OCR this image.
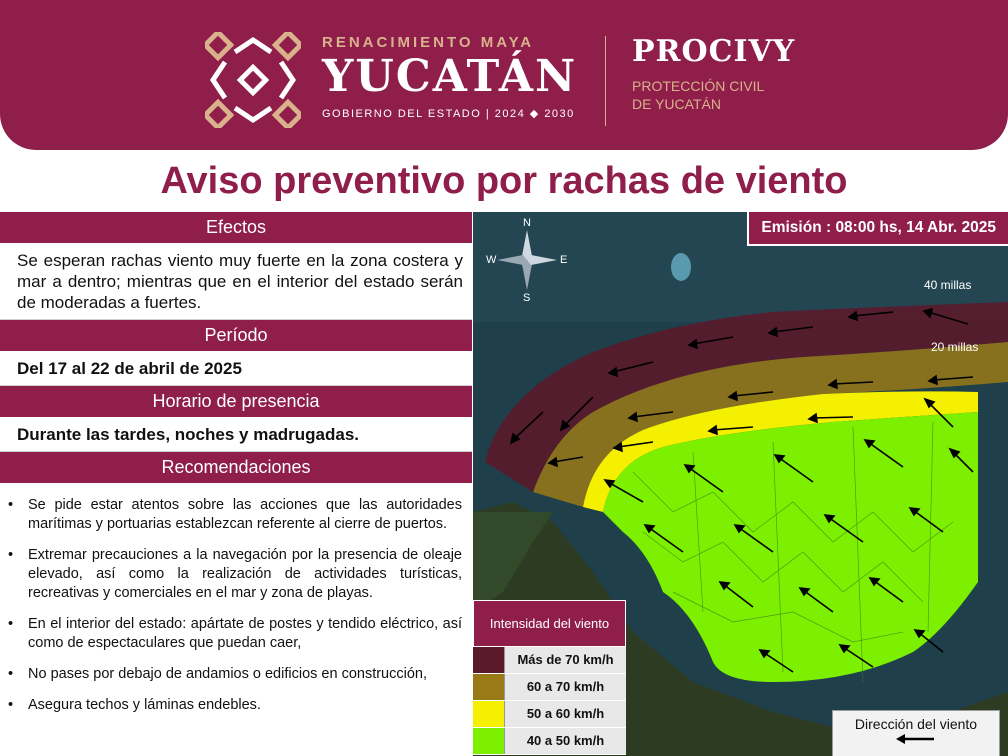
RENACIMIENTO MAYA
YUCATÁN
GOBIERNO DEL ESTADO | 2024 ◆ 2030
PROCIVY
PROTECCIÓN CIVIL
DE YUCATÁN
Aviso preventivo por rachas de viento
Efectos
Se esperan rachas viento muy fuerte en la zona costera y mar a dentro; mientras que en el interior del estado serán de moderadas a fuertes.
Período
Del 17 al 22 de abril de 2025
Horario de presencia
Durante las tardes, noches y madrugadas.
Recomendaciones
• Se pide estar atentos sobre las acciones que las autoridades marítimas y portuarias establezcan referente al cierre de puertos.
• Extremar precauciones a la navegación por la presencia de oleaje elevado, así como la realización de actividades turísticas, recreativas y comerciales en el mar y zona de playas.
• En el interior del estado: apártate de postes y tendido eléctrico, así como de espectaculares que puedan caer,
• No pases por debajo de andamios o edificios en construcción,
• Asegura techos y láminas endebles.
N
S
E
W
Emisión : 08:00 hs, 14 Abr. 2025
40 millas
20 millas
Intensidad del viento
Más de 70 km/h
60 a 70 km/h
50 a 60 km/h
40 a 50 km/h
Dirección del viento
